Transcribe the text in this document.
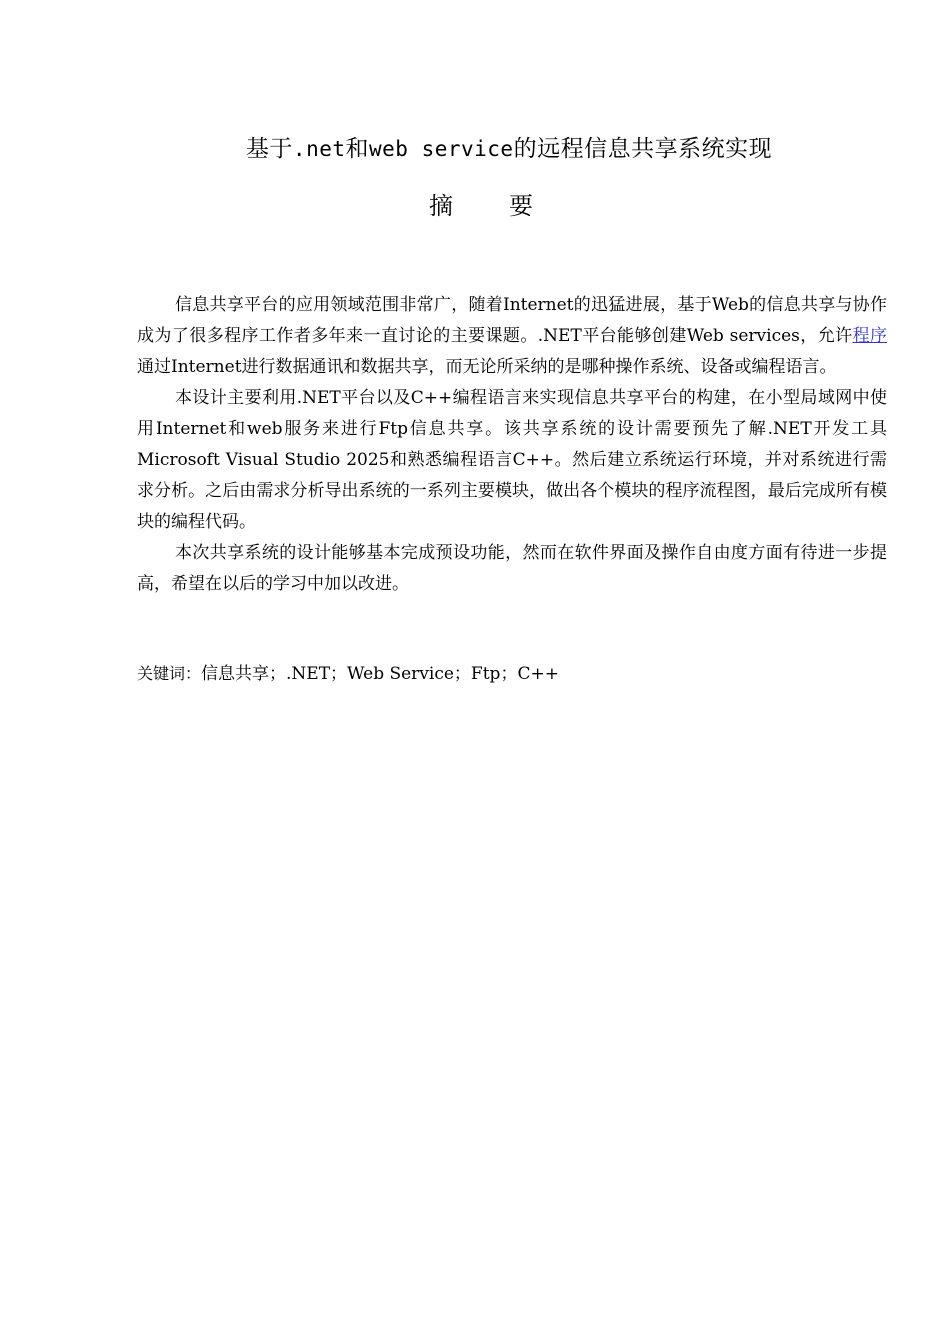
基于.net和web service的远程信息共享系统实现
摘要

信息共享平台的应用领域范围非常广，随着Internet的迅猛进展，基于Web的信息共享与协作成为了很多程序工作者多年来一直讨论的主要课题。.NET平台能够创建Web services，允许程序通过Internet进行数据通讯和数据共享，而无论所采纳的是哪种操作系统、设备或编程语言。

本设计主要利用.NET平台以及C++编程语言来实现信息共享平台的构建，在小型局域网中使用Internet和web服务来进行Ftp信息共享。该共享系统的设计需要预先了解.NET开发工具Microsoft Visual Studio 2025和熟悉编程语言C++。然后建立系统运行环境，并对系统进行需求分析。之后由需求分析导出系统的一系列主要模块，做出各个模块的程序流程图，最后完成所有模块的编程代码。

本次共享系统的设计能够基本完成预设功能，然而在软件界面及操作自由度方面有待进一步提高，希望在以后的学习中加以改进。

关键词：信息共享；.NET；Web Service；Ftp；C++
